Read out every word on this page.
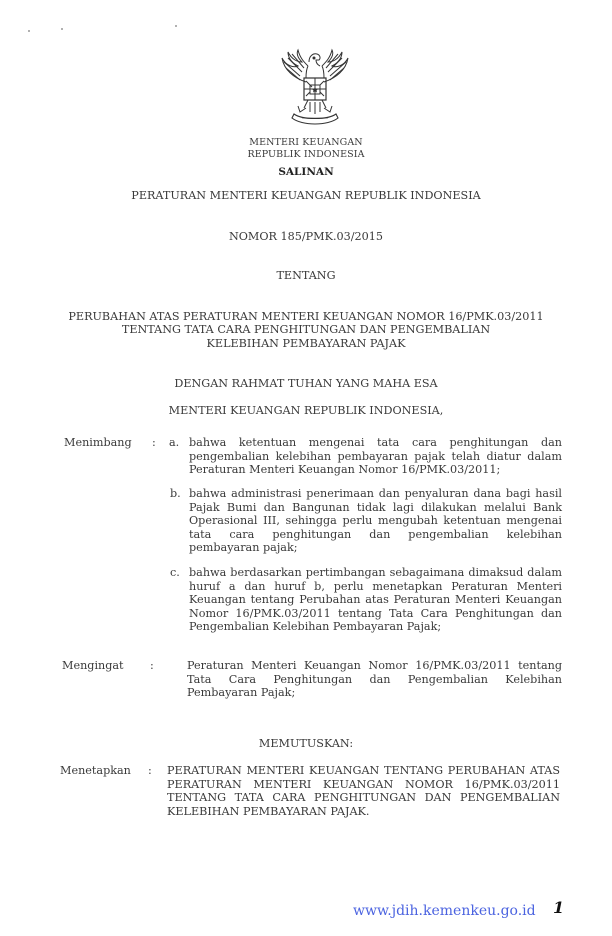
MENTERI KEUANGAN
REPUBLIK INDONESIA
SALINAN
PERATURAN MENTERI KEUANGAN REPUBLIK INDONESIA
NOMOR 185/PMK.03/2015
TENTANG
PERUBAHAN ATAS PERATURAN MENTERI KEUANGAN NOMOR 16/PMK.03/2011
TENTANG TATA CARA PENGHITUNGAN DAN PENGEMBALIAN
KELEBIHAN PEMBAYARAN PAJAK
DENGAN RAHMAT TUHAN YANG MAHA ESA
MENTERI KEUANGAN REPUBLIK INDONESIA,
Menimbang : a. bahwa ketentuan mengenai tata cara penghitungan dan pengembalian kelebihan pembayaran pajak telah diatur dalam Peraturan Menteri Keuangan Nomor 16/PMK.03/2011;
b. bahwa administrasi penerimaan dan penyaluran dana bagi hasil Pajak Bumi dan Bangunan tidak lagi dilakukan melalui Bank Operasional III, sehingga perlu mengubah ketentuan mengenai tata cara penghitungan dan pengembalian kelebihan pembayaran pajak;
c. bahwa berdasarkan pertimbangan sebagaimana dimaksud dalam huruf a dan huruf b, perlu menetapkan Peraturan Menteri Keuangan tentang Perubahan atas Peraturan Menteri Keuangan Nomor 16/PMK.03/2011 tentang Tata Cara Penghitungan dan Pengembalian Kelebihan Pembayaran Pajak;
Mengingat :	Peraturan Menteri Keuangan Nomor 16/PMK.03/2011 tentang Tata Cara Penghitungan dan Pengembalian Kelebihan Pembayaran Pajak;
MEMUTUSKAN:
Menetapkan : PERATURAN MENTERI KEUANGAN TENTANG PERUBAHAN ATAS PERATURAN MENTERI KEUANGAN NOMOR 16/PMK.03/2011 TENTANG TATA CARA PENGHITUNGAN DAN PENGEMBALIAN KELEBIHAN PEMBAYARAN PAJAK.
www.jdih.kemenkeu.go.id 1
